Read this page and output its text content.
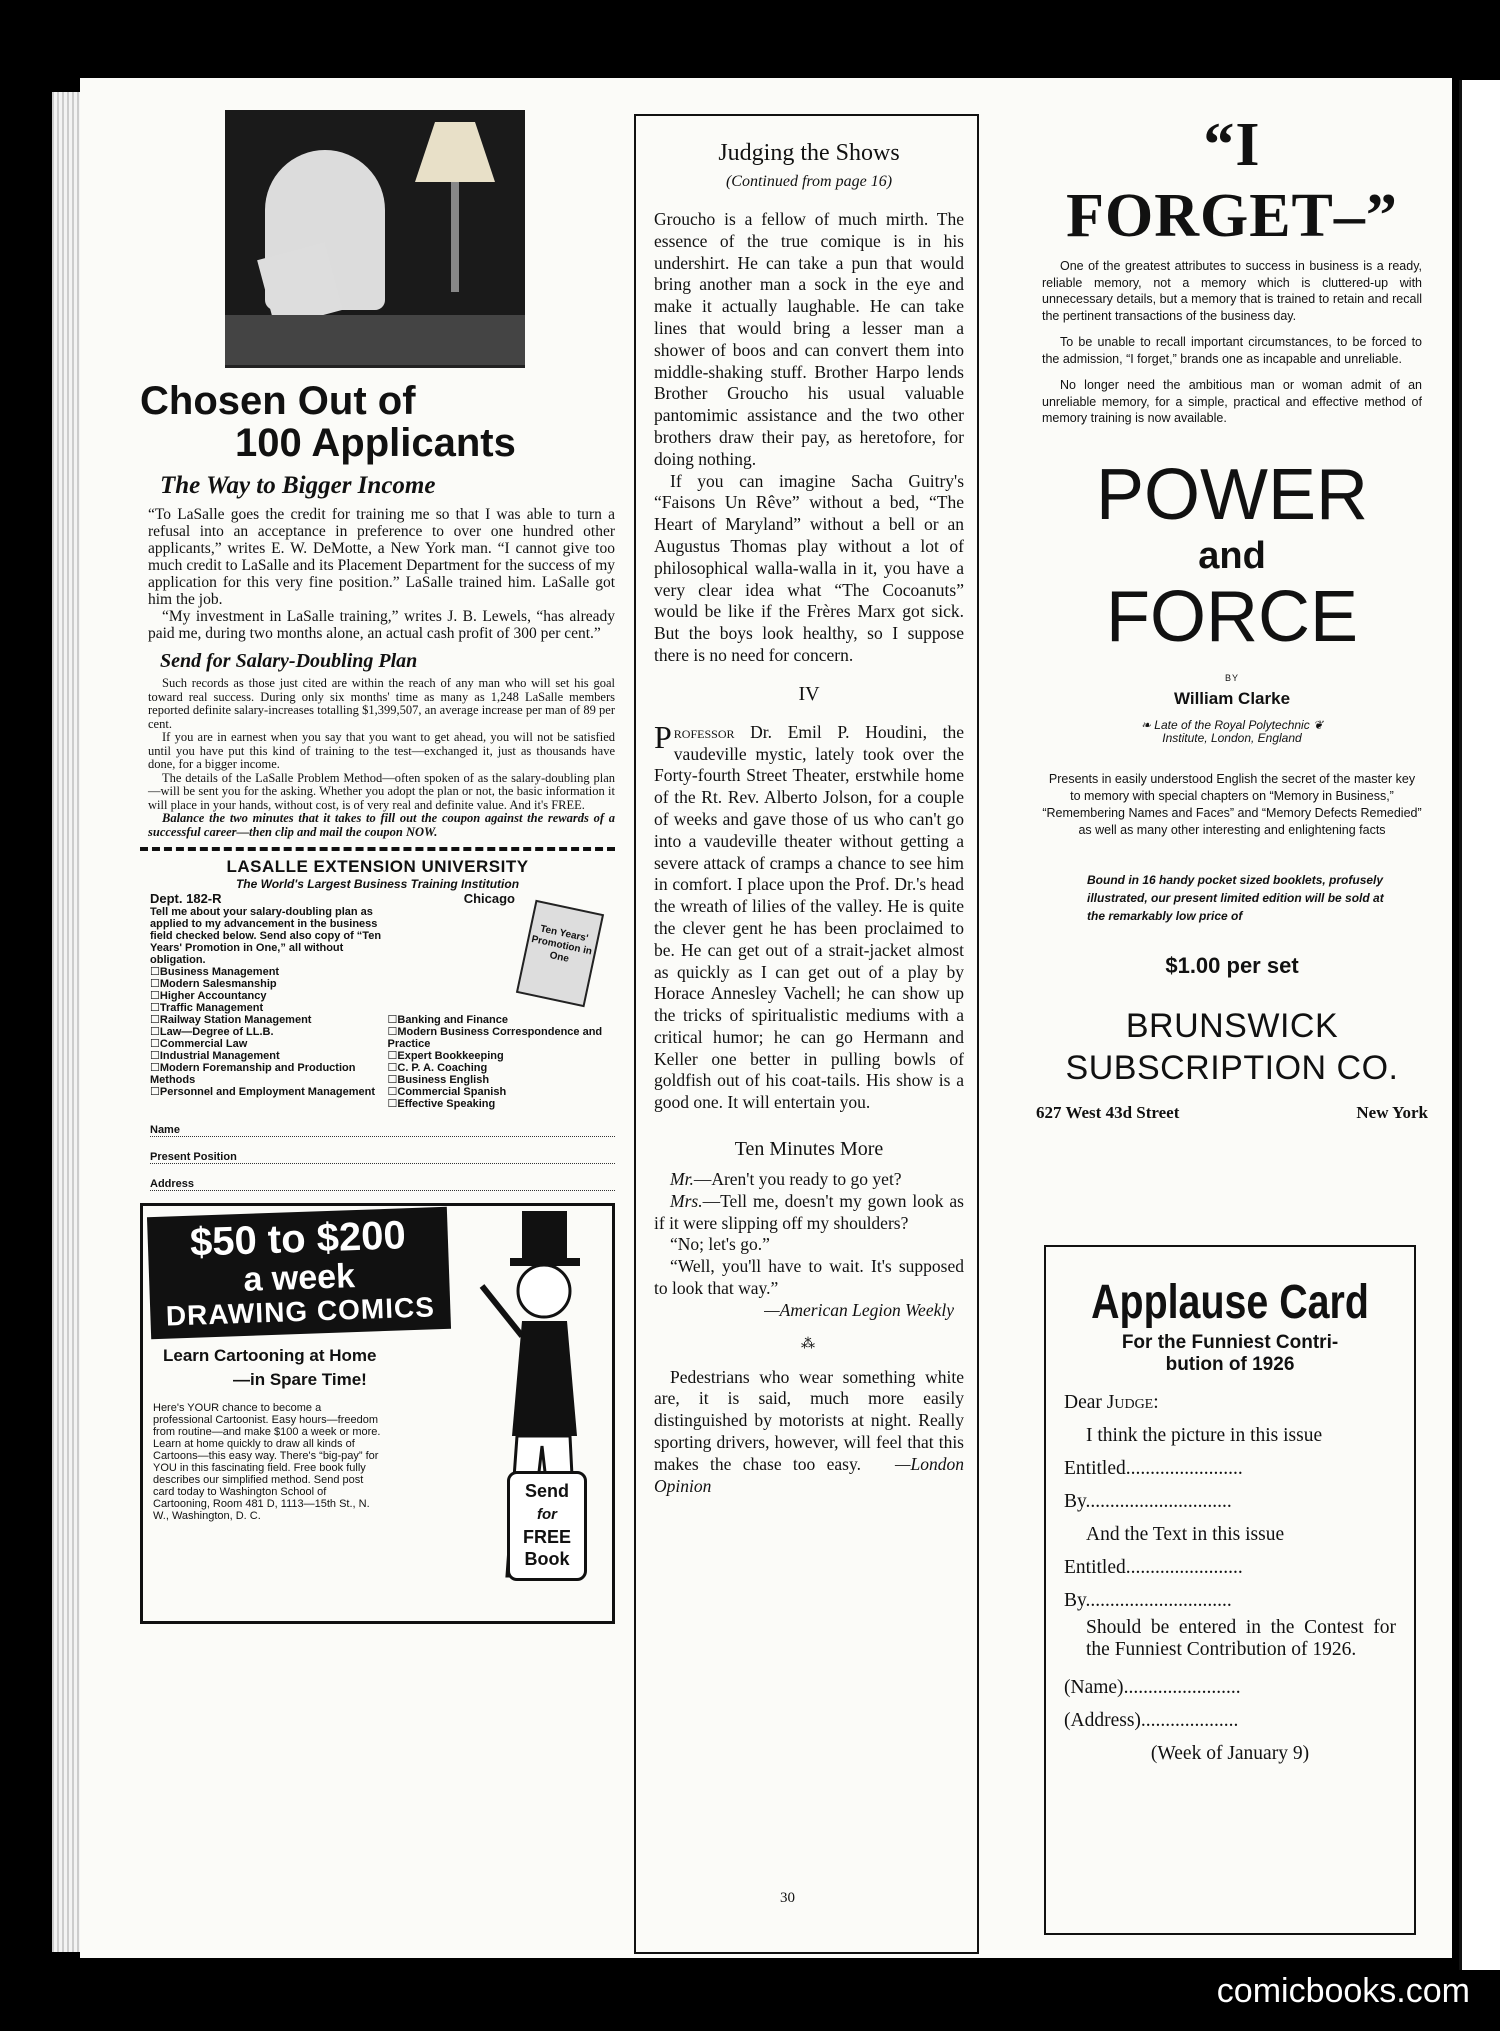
Chosen Out of
100 Applicants
The Way to Bigger Income

“To LaSalle goes the credit for training me so that I was able to turn a refusal into an acceptance in preference to over one hundred other applicants,” writes E. W. DeMotte, a New York man. “I cannot give too much credit to LaSalle and its Placement Department for the success of my application for this very fine position.” LaSalle trained him. LaSalle got him the job.

“My investment in LaSalle training,” writes J. B. Lewels, “has already paid me, during two months alone, an actual cash profit of 300 per cent.”

Send for Salary-Doubling Plan

Such records as those just cited are within the reach of any man who will set his goal toward real success. During only six months' time as many as 1,248 LaSalle members reported definite salary-increases totalling $1,399,507, an average increase per man of 89 per cent.

If you are in earnest when you say that you want to get ahead, you will not be satisfied until you have put this kind of training to the test—exchanged it, just as thousands have done, for a bigger income.

The details of the LaSalle Problem Method—often spoken of as the salary-doubling plan—will be sent you for the asking. Whether you adopt the plan or not, the basic information it will place in your hands, without cost, is of very real and definite value. And it's FREE.

Balance the two minutes that it takes to fill out the coupon against the rewards of a successful career—then clip and mail the coupon NOW.

LASALLE EXTENSION UNIVERSITY
The World's Largest Business Training Institution
Dept. 182-R	Chicago
Tell me about your salary-doubling plan as applied to my advancement in the business field checked below. Send also copy of “Ten Years' Promotion in One,” all without obligation.
Ten Years' Promotion in One
☐ Business Management
☐ Modern Salesmanship
☐ Higher Accountancy
☐ Traffic Management
☐ Railway Station Management
☐ Law—Degree of LL.B.
☐ Commercial Law
☐ Industrial Management
☐ Modern Foremanship and Production Methods
☐ Personnel and Employment Management
☐ Banking and Finance
☐ Modern Business Correspondence and Practice
☐ Expert Bookkeeping
☐ C. P. A. Coaching
☐ Business English
☐ Commercial Spanish
☐ Effective Speaking
Name
Present Position
Address
$50 to $200
a week
DRAWING COMICS
Learn Cartooning at Home
—in Spare Time!
Here's YOUR chance to become a professional Cartoonist. Easy hours—freedom from routine—and make $100 a week or more. Learn at home quickly to draw all kinds of Cartoons—this easy way. There's “big-pay” for YOU in this fascinating field. Free book fully describes our simplified method. Send post card today to Washington School of Cartooning, Room 481 D, 1113—15th St., N. W., Washington, D. C.
Send
for
FREE
Book
Judging the Shows
(Continued from page 16)

Groucho is a fellow of much mirth. The essence of the true comique is in his undershirt. He can take a pun that would bring another man a sock in the eye and make it actually laughable. He can take lines that would bring a lesser man a shower of boos and can convert them into middle-shaking stuff. Brother Harpo lends Brother Groucho his usual valuable pantomimic assistance and the two other brothers draw their pay, as heretofore, for doing nothing.

If you can imagine Sacha Guitry's “Faisons Un Rêve” without a bed, “The Heart of Maryland” without a bell or an Augustus Thomas play without a lot of philosophical walla-walla in it, you have a very clear idea what “The Cocoanuts” would be like if the Frères Marx got sick. But the boys look healthy, so I suppose there is no need for concern.

IV

Professor Dr. Emil P. Houdini, the vaudeville mystic, lately took over the Forty-fourth Street Theater, erstwhile home of the Rt. Rev. Alberto Jolson, for a couple of weeks and gave those of us who can't go into a vaudeville theater without getting a severe attack of cramps a chance to see him in comfort. I place upon the Prof. Dr.'s head the wreath of lilies of the valley. He is quite the clever gent he has been proclaimed to be. He can get out of a strait-jacket almost as quickly as I can get out of a play by Horace Annesley Vachell; he can show up the tricks of spiritualistic mediums with a critical humor; he can go Hermann and Keller one better in pulling bowls of goldfish out of his coat-tails. His show is a good one. It will entertain you.

Ten Minutes More

Mr.—Aren't you ready to go yet?

Mrs.—Tell me, doesn't my gown look as if it were slipping off my shoulders?

“No; let's go.”

“Well, you'll have to wait. It's supposed to look that way.”

—American Legion Weekly

⁂

Pedestrians who wear something white are, it is said, much more easily distinguished by motorists at night. Really sporting drivers, however, will feel that this makes the chase too easy. —London Opinion

“I FORGET–”

One of the greatest attributes to success in business is a ready, reliable memory, not a memory which is cluttered-up with unnecessary details, but a memory that is trained to retain and recall the pertinent transactions of the business day.

To be unable to recall important circumstances, to be forced to the admission, “I forget,” brands one as incapable and unreliable.

No longer need the ambitious man or woman admit of an unreliable memory, for a simple, practical and effective method of memory training is now available.

POWER
and
FORCE
BY
William Clarke
❧ Late of the Royal Polytechnic ❦
Institute, London, England
Presents in easily understood English the secret of the master key to memory with special chapters on “Memory in Business,” “Remembering Names and Faces” and “Memory Defects Remedied” as well as many other interesting and enlightening facts
Bound in 16 handy pocket sized booklets, profusely illustrated, our present limited edition will be sold at the remarkably low price of
$1.00 per set
BRUNSWICK
SUBSCRIPTION CO.
627 West 43d Street	New York
Applause Card
For the Funniest Contri-
bution of 1926
Dear Judge:
I think the picture in this issue
Entitled........................
By..............................
And the Text in this issue
Entitled........................
By..............................
Should be entered in the Contest for the Funniest Contribution of 1926.
(Name)........................
(Address)....................
(Week of January 9)
30
comicbooks.com
